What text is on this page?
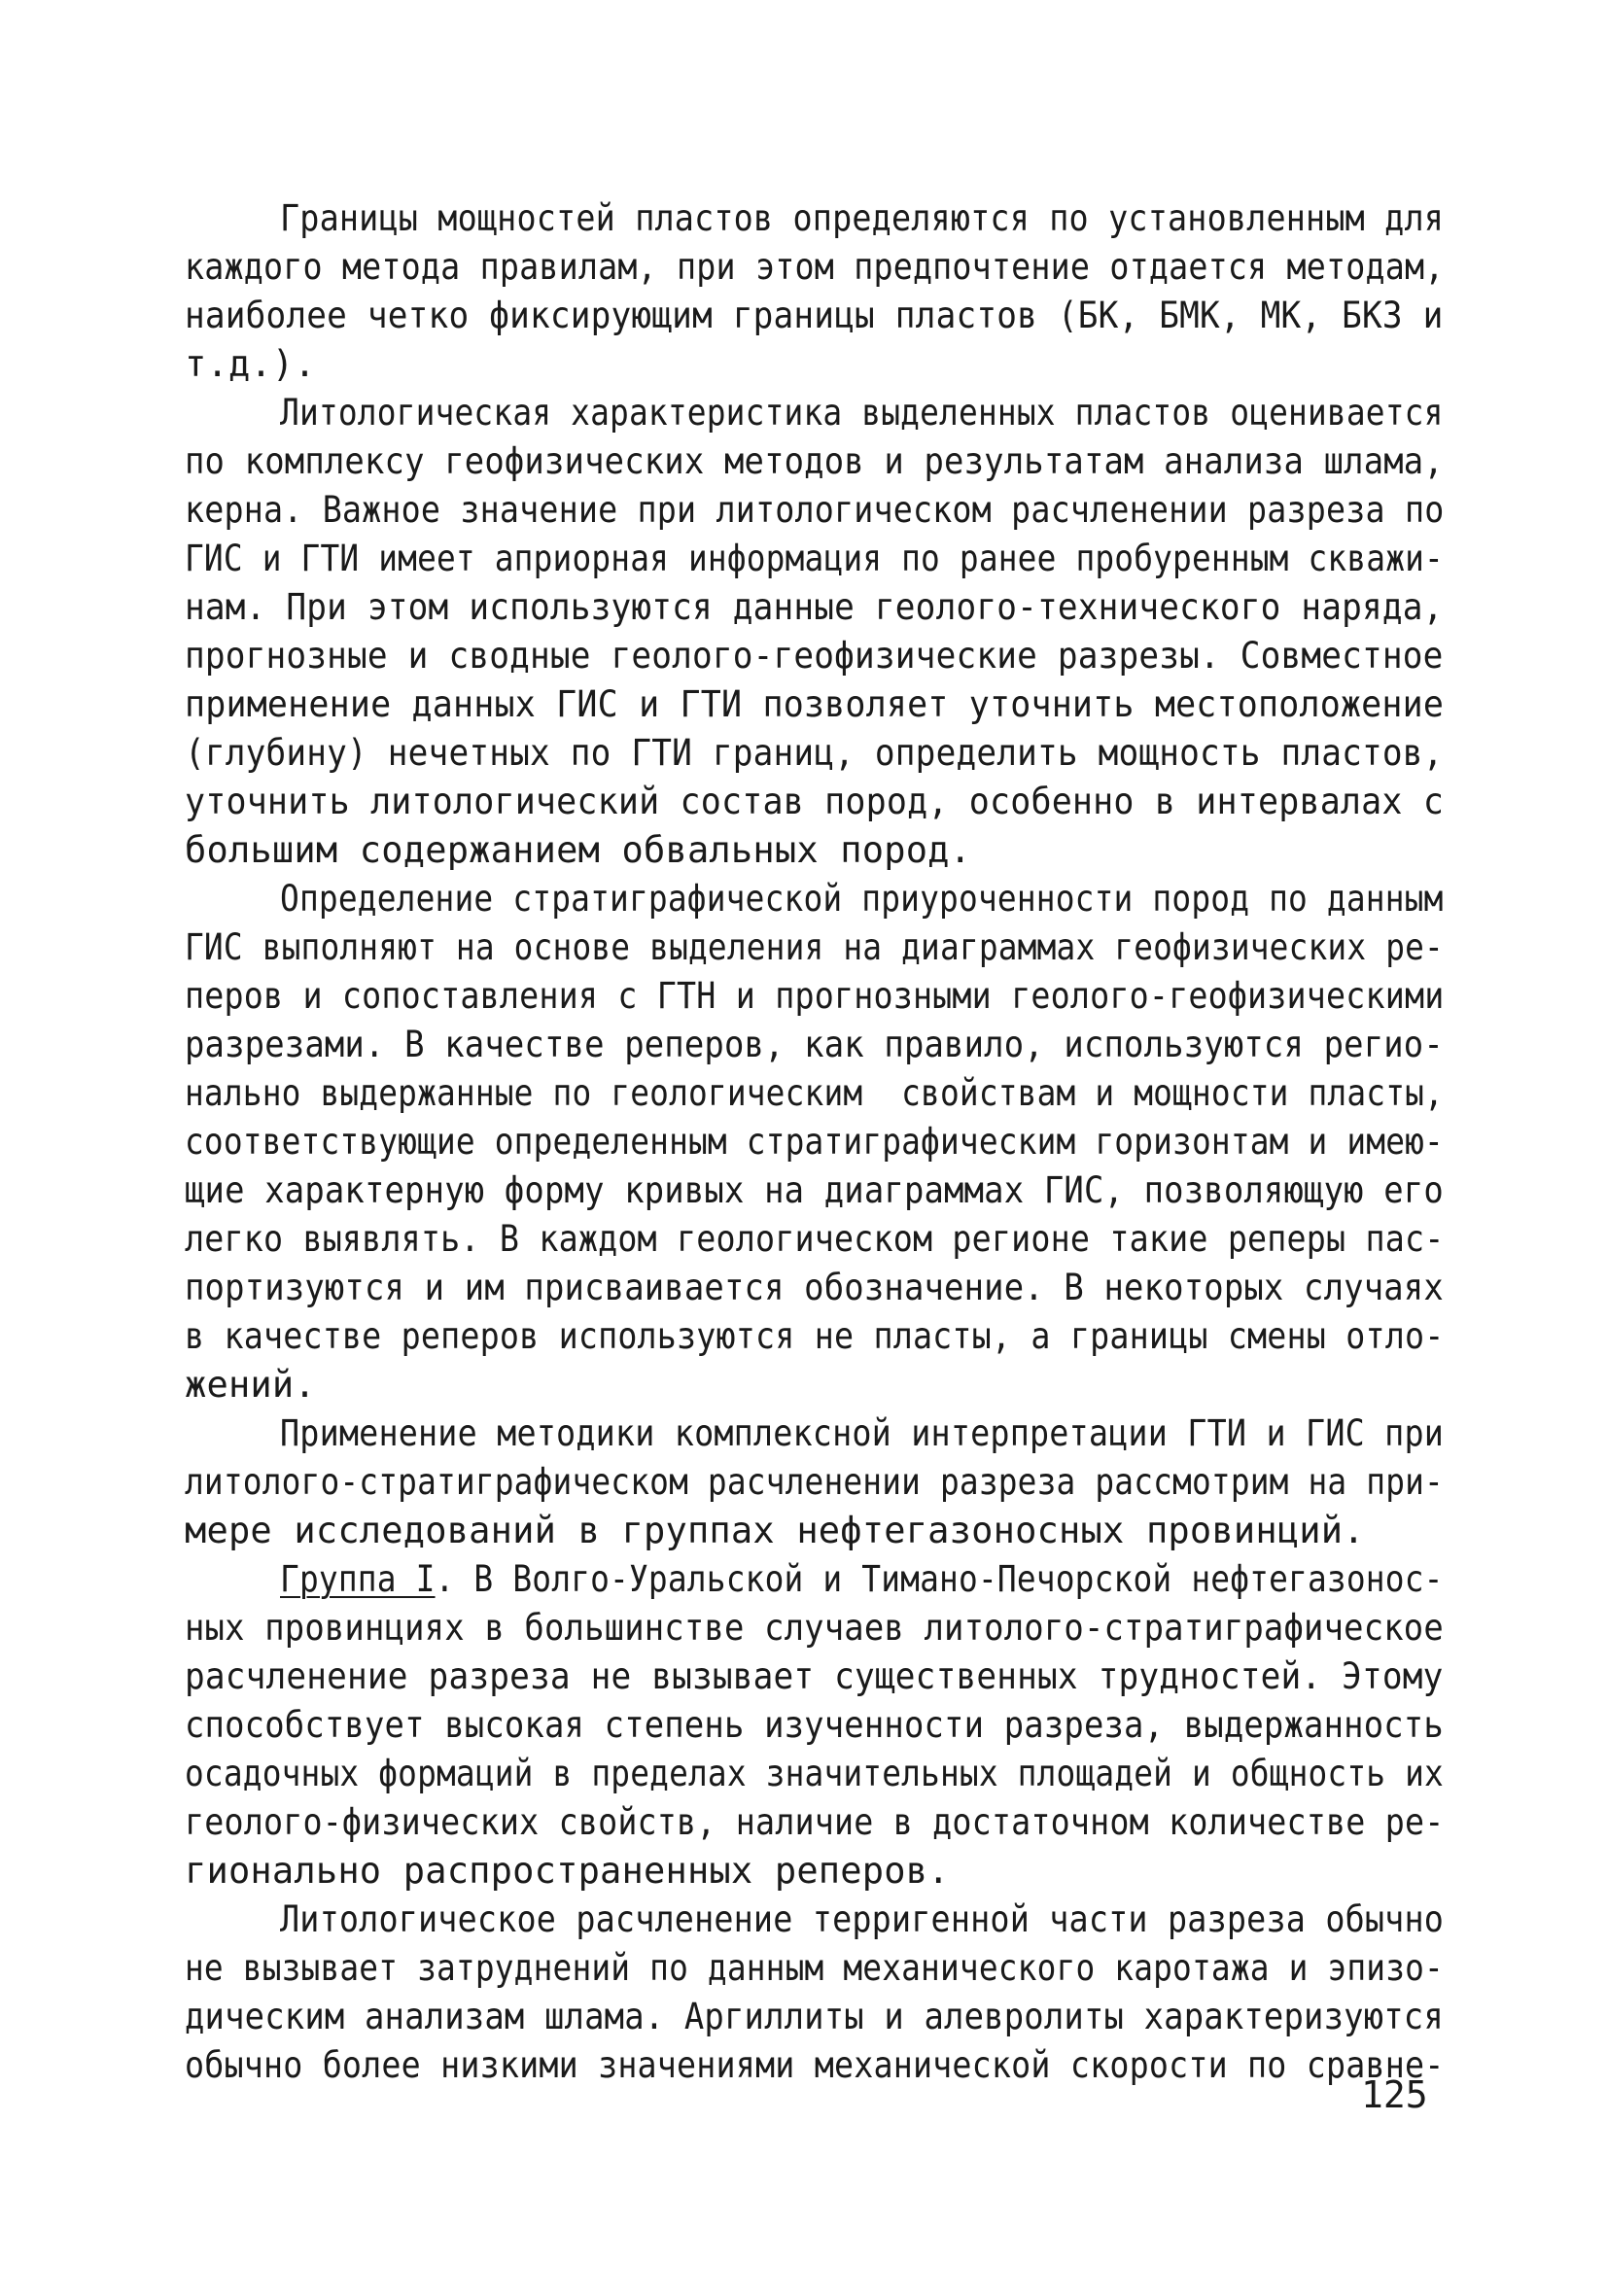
Границы мощностей пластов определяются по установленным для
каждого метода правилам, при этом предпочтение отдается методам,
наиболее четко фиксирующим границы пластов (БК, БМК, МК, БКЗ и
т.д.).
Литологическая характеристика выделенных пластов оценивается
по комплексу геофизических методов и результатам анализа шлама,
керна. Важное значение при литологическом расчленении разреза по
ГИС и ГТИ имеет априорная информация по ранее пробуренным скважи-
нам. При этом используются данные геолого-технического наряда,
прогнозные и сводные геолого-геофизические разрезы. Совместное
применение данных ГИС и ГТИ позволяет уточнить местоположение
(глубину) нечетных по ГТИ границ, определить мощность пластов,
уточнить литологический состав пород, особенно в интервалах с
большим содержанием обвальных пород.
Определение стратиграфической приуроченности пород по данным
ГИС выполняют на основе выделения на диаграммах геофизических ре-
перов и сопоставления с ГТН и прогнозными геолого-геофизическими
разрезами. В качестве реперов, как правило, используются регио-
нально выдержанные по геологическим  свойствам и мощности пласты,
соответствующие определенным стратиграфическим горизонтам и имею-
щие характерную форму кривых на диаграммах ГИС, позволяющую его
легко выявлять. В каждом геологическом регионе такие реперы пас-
портизуются и им присваивается обозначение. В некоторых случаях
в качестве реперов используются не пласты, а границы смены отло-
жений.
Применение методики комплексной интерпретации ГТИ и ГИС при
литолого-стратиграфическом расчленении разреза рассмотрим на при-
мере исследований в группах нефтегазоносных провинций.
Группа I. В Волго-Уральской и Тимано-Печорской нефтегазонос-
ных провинциях в большинстве случаев литолого-стратиграфическое
расчленение разреза не вызывает существенных трудностей. Этому
способствует высокая степень изученности разреза, выдержанность
осадочных формаций в пределах значительных площадей и общность их
геолого-физических свойств, наличие в достаточном количестве ре-
гионально распространенных реперов.
Литологическое расчленение терригенной части разреза обычно
не вызывает затруднений по данным механического каротажа и эпизо-
дическим анализам шлама. Аргиллиты и алевролиты характеризуются
обычно более низкими значениями механической скорости по сравне-
125
